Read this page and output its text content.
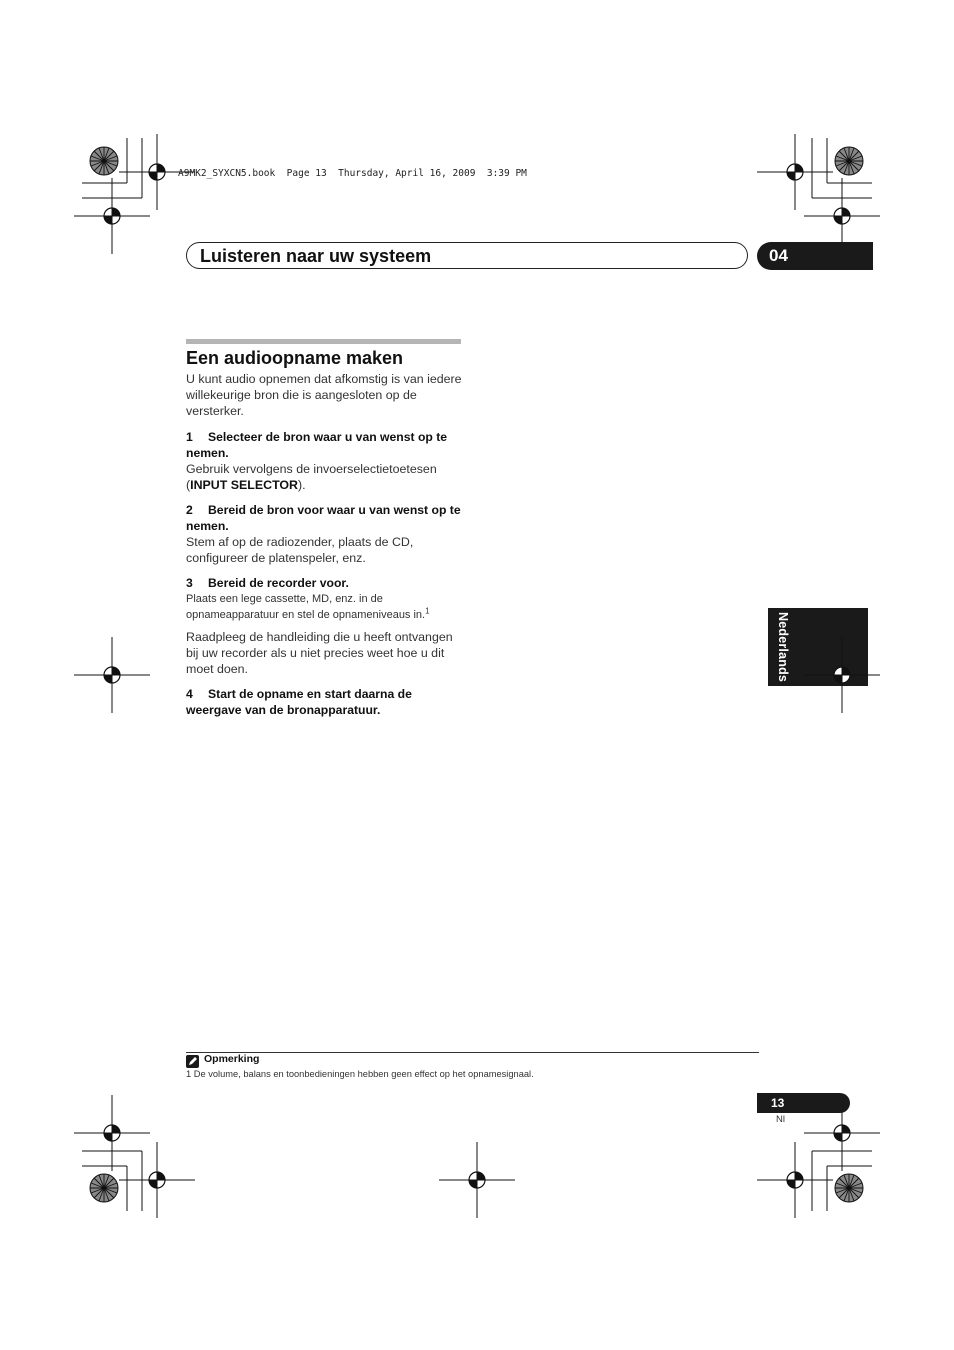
A9MK2_SYXCN5.book  Page 13  Thursday, April 16, 2009  3:39 PM
Luisteren naar uw systeem	04
Een audioopname maken

U kunt audio opnemen dat afkomstig is van iedere willekeurige bron die is aangesloten op de versterker.

1 Selecteer de bron waar u van wenst op te nemen.

Gebruik vervolgens de invoerselectietoetesen (INPUT SELECTOR).

2 Bereid de bron voor waar u van wenst op te nemen.

Stem af op de radiozender, plaats de CD, configureer de platenspeler, enz.

3 Bereid de recorder voor.

Plaats een lege cassette, MD, enz. in de opnameapparatuur en stel de opnameniveaus in.$^1$

Raadpleeg de handleiding die u heeft ontvangen bij uw recorder als u niet precies weet hoe u dit moet doen.

4 Start de opname en start daarna de weergave van de bronapparatuur.

Nederlands
Opmerking
1 De volume, balans en toonbedieningen hebben geen effect op het opnamesignaal.
13
Nl
